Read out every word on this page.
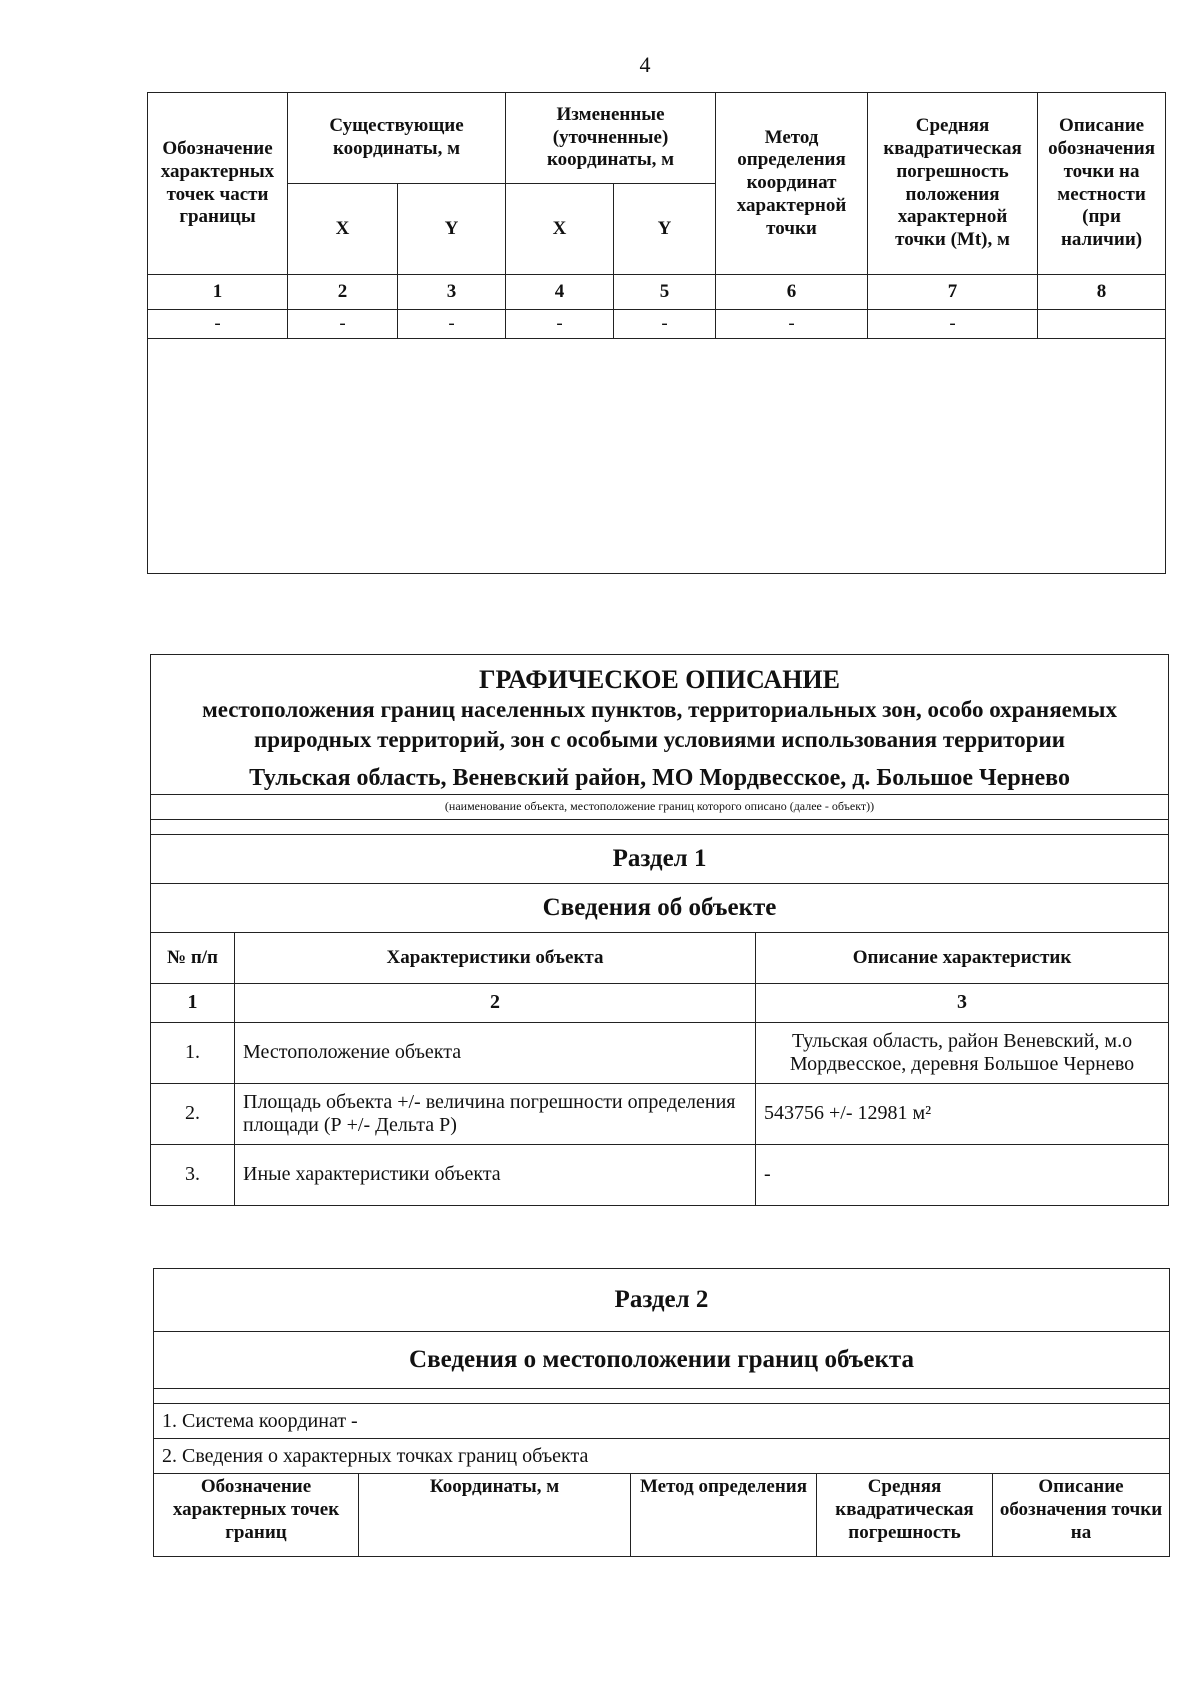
4
Обозначение характерных точек части границы	Существующие координаты, м		Измененные (уточненные) координаты, м		Метод определения координат характерной точки	Средняя квадратическая погрешность положения характерной точки (Mt), м	Описание обозначения точки на местности (при наличии)
	X	Y	X	Y			
1	2	3	4	5	6	7	8
-	-	-	-	-	-	-	

ГРАФИЧЕСКОЕ ОПИСАНИЕ
местоположения границ населенных пунктов, территориальных зон, особо охраняемых природных территорий, зон с особыми условиями использования территории
Тульская область, Веневский район, МО Мордвесское, д. Большое Чернево		

(наименование объекта, местоположение границ которого описано (далее - объект))		

Раздел 1		
Сведения об объекте		
№ п/п	Характеристики объекта	Описание характеристик
1	2	3
1.	Местоположение объекта	Тульская область, район Веневский, м.о Мордвесское, деревня Большое Чернево
2.	Площадь объекта +/- величина погрешности определения площади (Р +/- Дельта Р)	543756 +/- 12981 м²
3.	Иные характеристики объекта	-
Раздел 2
Сведения о местоположении границ объекта

1. Система координат -
2. Сведения о характерных точках границ объекта
Обозначение характерных точек границ	Координаты, м	Метод определения	Средняя квадратическая погрешность	Описание обозначения точки на
